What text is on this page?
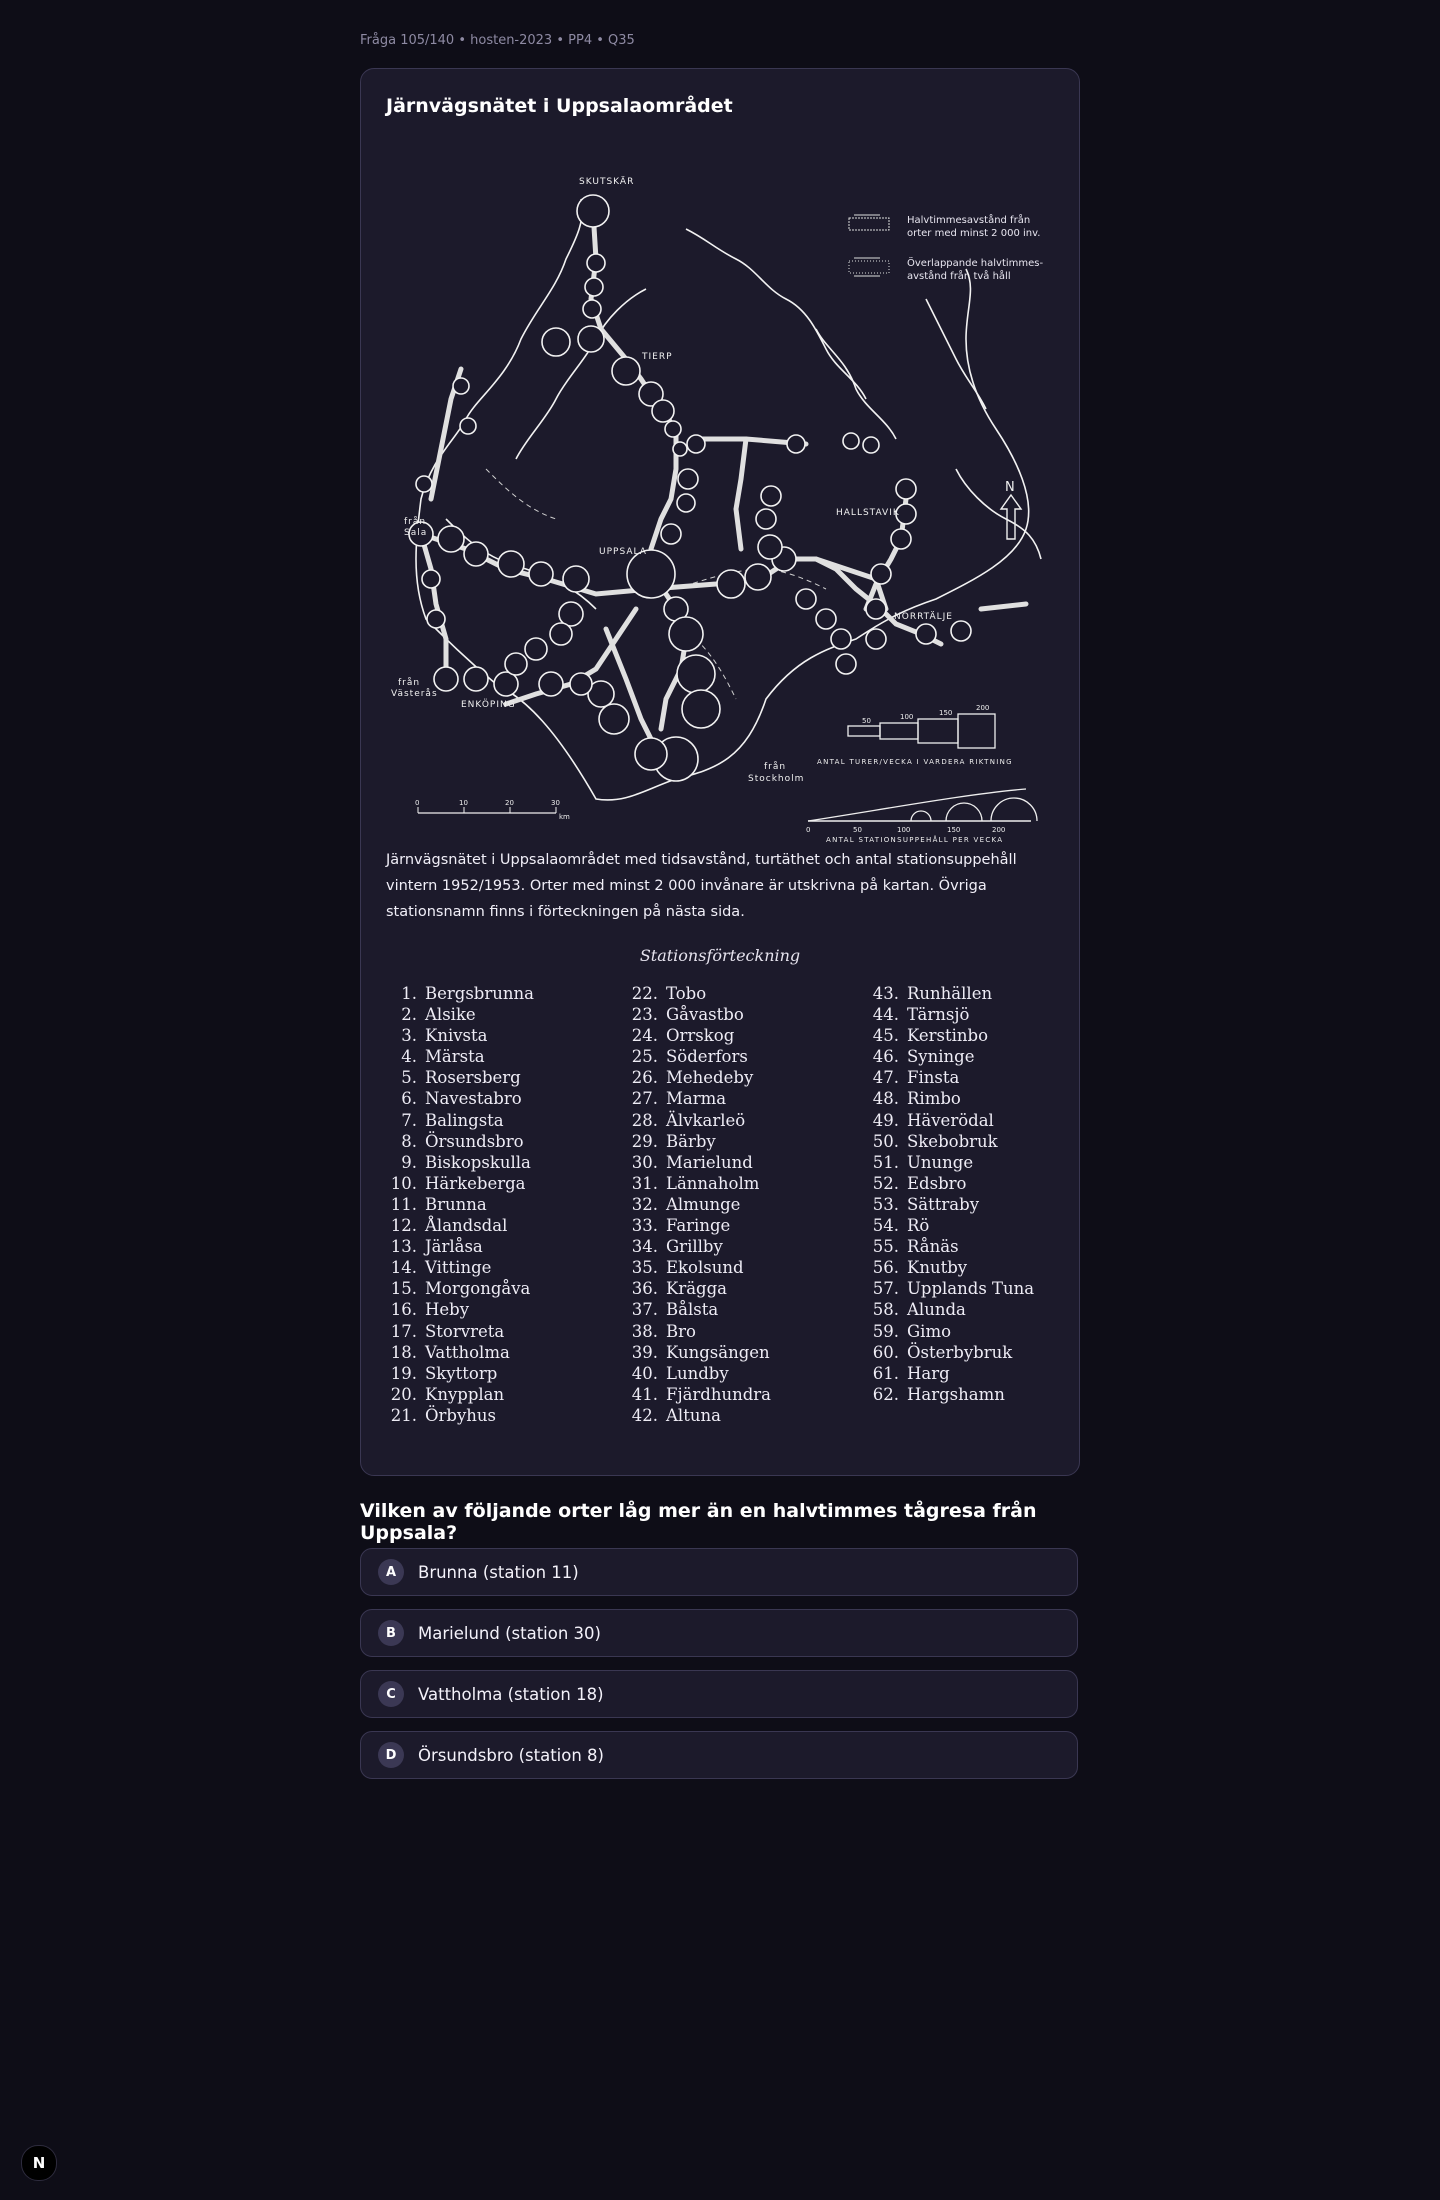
Fråga 105/140 • hosten-2023 • PP4 • Q35
Järnvägsnätet i Uppsalaområdet
Halvtimmesavstånd från
orter med minst 2 000 inv.
Överlappande halvtimmes-
avstånd från två håll
SKUTSKÄR
TIERP
UPPSALA
HALLSTAVIK
NORRTÄLJE
ENKÖPING
från
Sala
från
Västerås
från
Stockholm
N
50	100	150
200
ANTAL TURER/VECKA I VARDERA RIKTNING
0	50	100	150	200
ANTAL STATIONSUPPEHÅLL PER VECKA
0	10	20	30
km
Järnvägsnätet i Uppsalaområdet med tidsavstånd, turtäthet och antal stationsuppehåll vintern 1952/1953. Orter med minst 2 000 invånare är utskrivna på kartan. Övriga stationsnamn finns i förteckningen på nästa sida.
Stationsförteckning
1. Bergsbrunna
2. Alsike
3. Knivsta
4. Märsta
5. Rosersberg
6. Navestabro
7. Balingsta
8. Örsundsbro
9. Biskopskulla
10. Härkeberga
11. Brunna
12. Ålandsdal
13. Järlåsa
14. Vittinge
15. Morgongåva
16. Heby
17. Storvreta
18. Vattholma
19. Skyttorp
20. Knypplan
21. Örbyhus
22. Tobo
23. Gåvastbo
24. Orrskog
25. Söderfors
26. Mehedeby
27. Marma
28. Älvkarleö
29. Bärby
30. Marielund
31. Lännaholm
32. Almunge
33. Faringe
34. Grillby
35. Ekolsund
36. Krägga
37. Bålsta
38. Bro
39. Kungsängen
40. Lundby
41. Fjärdhundra
42. Altuna
43. Runhällen
44. Tärnsjö
45. Kerstinbo
46. Syninge
47. Finsta
48. Rimbo
49. Häverödal
50. Skebobruk
51. Ununge
52. Edsbro
53. Sättraby
54. Rö
55. Rånäs
56. Knutby
57. Upplands Tuna
58. Alunda
59. Gimo
60. Österbybruk
61. Harg
62. Hargshamn
Vilken av följande orter låg mer än en halvtimmes tågresa från Uppsala?
A	Brunna (station 11)
B	Marielund (station 30)
C	Vattholma (station 18)
D	Örsundsbro (station 8)
N
